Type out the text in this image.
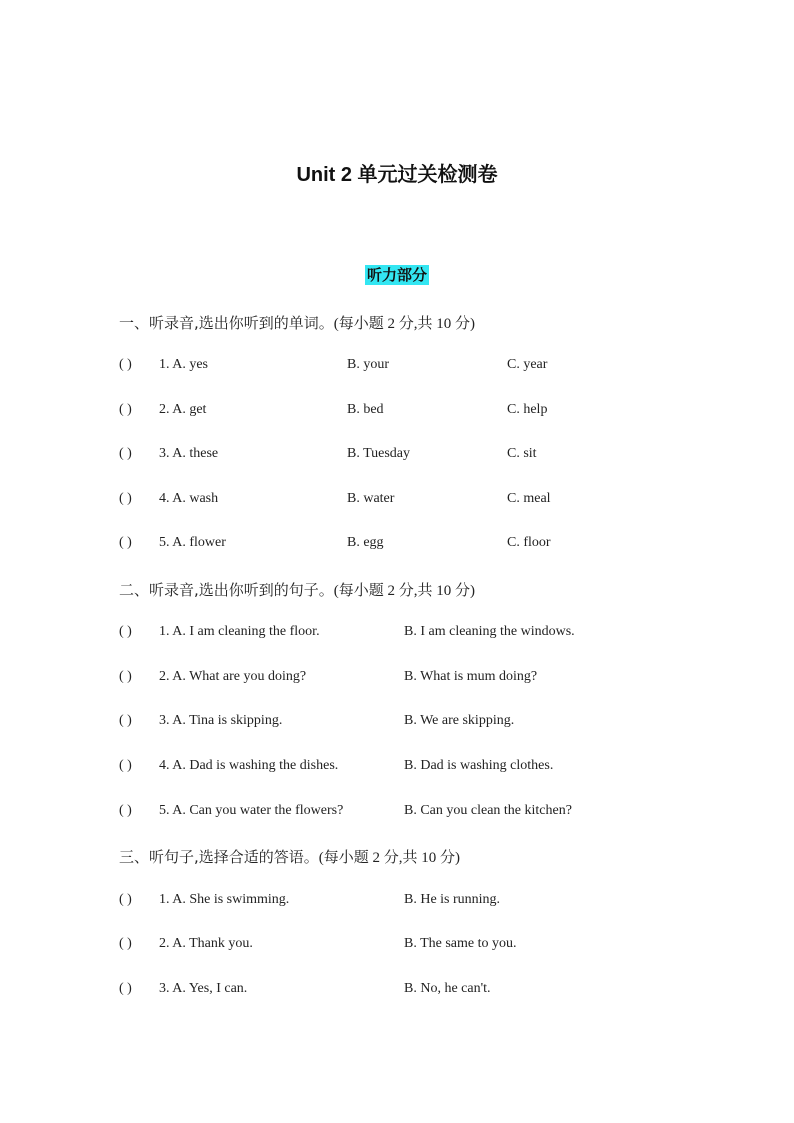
Unit 2 单元过关检测卷
听力部分
一、听录音,选出你听到的单词。(每小题 2 分,共 10 分)
( ) 1. A. yes	B. your	C. year
( ) 2. A. get	B. bed	C. help
( ) 3. A. these	B. Tuesday	C. sit
( ) 4. A. wash	B. water	C. meal
( ) 5. A. flower	B. egg	C. floor
二、听录音,选出你听到的句子。(每小题 2 分,共 10 分)
( ) 1. A. I am cleaning the floor.	B. I am cleaning the windows.
( ) 2. A. What are you doing?	B. What is mum doing?
( ) 3. A. Tina is skipping.	B. We are skipping.
( ) 4. A. Dad is washing the dishes.	B. Dad is washing clothes.
( ) 5. A. Can you water the flowers?	B. Can you clean the kitchen?
三、听句子,选择合适的答语。(每小题 2 分,共 10 分)
( ) 1. A. She is swimming.	B. He is running.
( ) 2. A. Thank you.	B. The same to you.
( ) 3. A. Yes, I can.	B. No, he can't.
